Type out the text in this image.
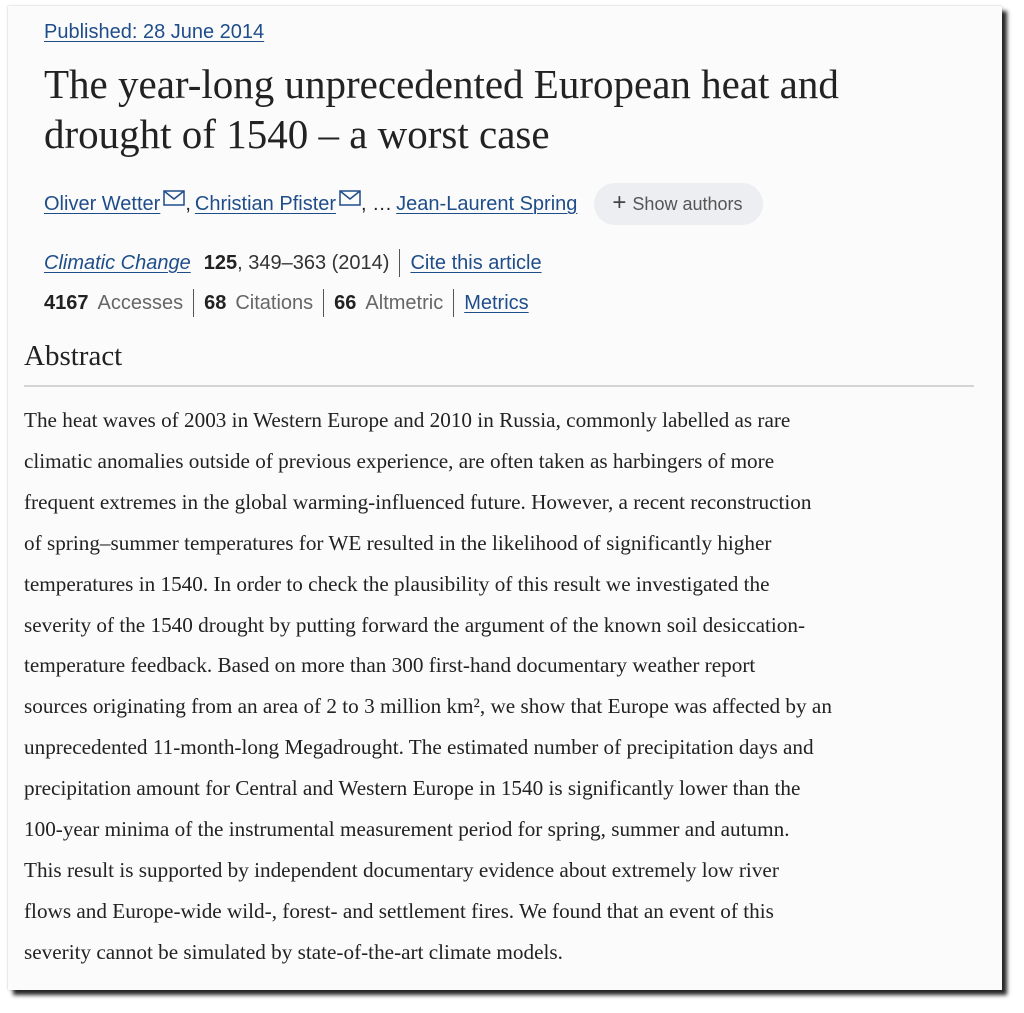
Published: 28 June 2014
The year-long unprecedented European heat and drought of 1540 – a worst case
Oliver Wetter , Christian Pfister , … Jean-Laurent Spring + Show authors
Climatic Change 125 , 349–363 (2014) Cite this article
4167 Accesses 68 Citations 66 Altmetric Metrics
Abstract

The heat waves of 2003 in Western Europe and 2010 in Russia, commonly labelled as rare
climatic anomalies outside of previous experience, are often taken as harbingers of more
frequent extremes in the global warming-influenced future. However, a recent reconstruction
of spring–summer temperatures for WE resulted in the likelihood of significantly higher
temperatures in 1540. In order to check the plausibility of this result we investigated the
severity of the 1540 drought by putting forward the argument of the known soil desiccation-
temperature feedback. Based on more than 300 first-hand documentary weather report
sources originating from an area of 2 to 3 million km², we show that Europe was affected by an
unprecedented 11-month-long Megadrought. The estimated number of precipitation days and
precipitation amount for Central and Western Europe in 1540 is significantly lower than the
100-year minima of the instrumental measurement period for spring, summer and autumn.
This result is supported by independent documentary evidence about extremely low river
flows and Europe-wide wild-, forest- and settlement fires. We found that an event of this
severity cannot be simulated by state-of-the-art climate models.
